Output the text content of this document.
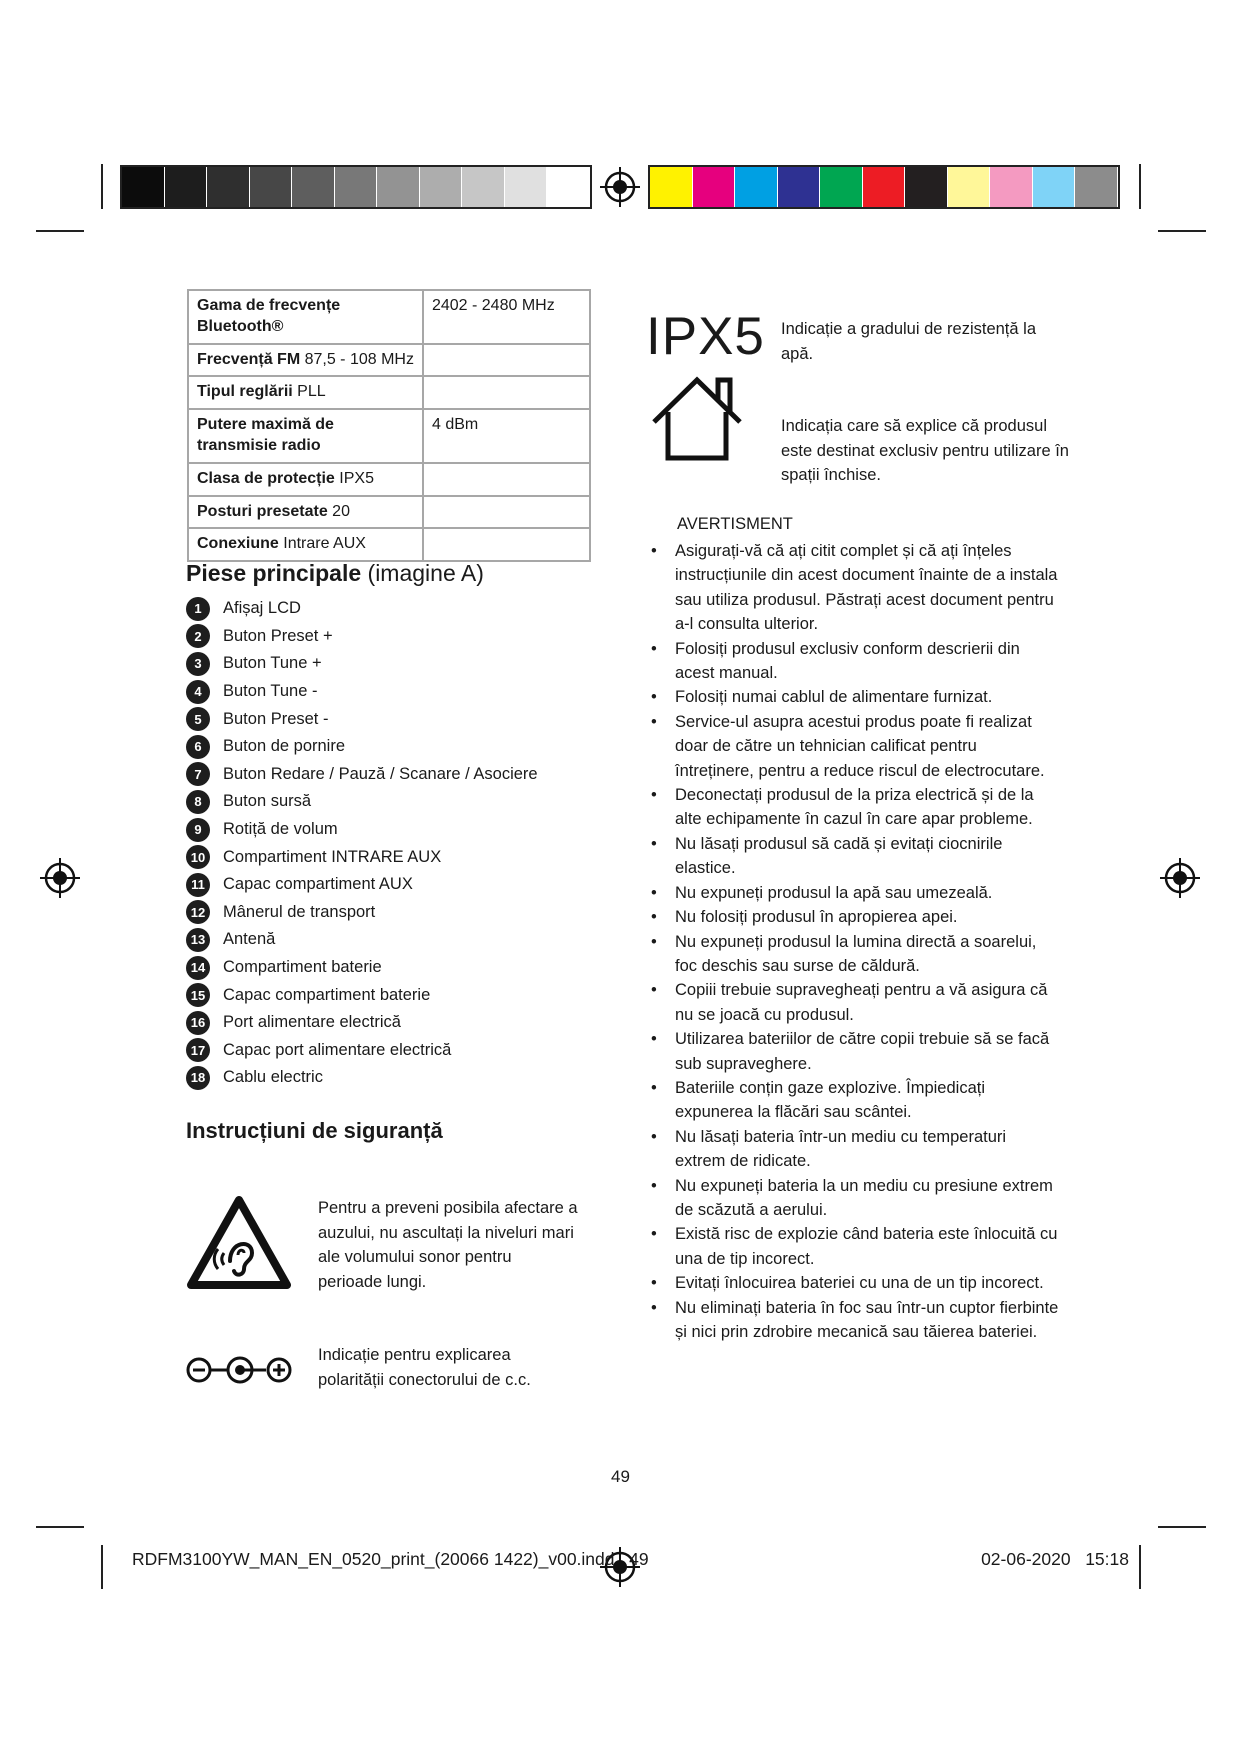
Gama de frecvențe Bluetooth®	2402 - 2480 MHz
Frecvență FM 87,5 - 108 MHz	
Tipul reglării PLL	
Putere maximă de transmisie radio	4 dBm
Clasa de protecție IPX5	
Posturi presetate 20	
Conexiune Intrare AUX	
Piese principale (imagine A)
1	Afișaj LCD
2	Buton Preset +
3	Buton Tune +
4	Buton Tune -
5	Buton Preset -
6	Buton de pornire
7	Buton Redare / Pauză / Scanare / Asociere
8	Buton sursă
9	Rotiță de volum
10 Compartiment INTRARE AUX
11	Capac compartiment AUX
12 Mânerul de transport
13 Antenă
14 Compartiment baterie
15 Capac compartiment baterie
16 Port alimentare electrică
17 Capac port alimentare electrică
18 Cablu electric
Instrucțiuni de siguranță
Pentru a preveni posibila afectare a auzului, nu ascultați la niveluri mari ale volumului sonor pentru perioade lungi.
Indicație pentru explicarea polarității conectorului de c.c.
IPX5 Indicație a gradului de rezistență la apă.
Indicația care să explice că produsul este destinat exclusiv pentru utilizare în spații închise.
AVERTISMENT
• Asigurați-vă că ați citit complet și că ați înțeles instrucțiunile din acest document înainte de a instala sau utiliza produsul. Păstrați acest document pentru a-l consulta ulterior.
• Folosiți produsul exclusiv conform descrierii din acest manual.
• Folosiți numai cablul de alimentare furnizat.
• Service-ul asupra acestui produs poate fi realizat doar de către un tehnician calificat pentru întreținere, pentru a reduce riscul de electrocutare.
• Deconectați produsul de la priza electrică și de la alte echipamente în cazul în care apar probleme.
• Nu lăsați produsul să cadă și evitați ciocnirile elastice.
• Nu expuneți produsul la apă sau umezeală.
• Nu folosiți produsul în apropierea apei.
• Nu expuneți produsul la lumina directă a soarelui, foc deschis sau surse de căldură.
• Copiii trebuie supravegheați pentru a vă asigura că nu se joacă cu produsul.
• Utilizarea bateriilor de către copii trebuie să se facă sub supraveghere.
• Bateriile conțin gaze explozive. Împiedicați expunerea la flăcări sau scântei.
• Nu lăsați bateria într-un mediu cu temperaturi extrem de ridicate.
• Nu expuneți bateria la un mediu cu presiune extrem de scăzută a aerului.
• Există risc de explozie când bateria este înlocuită cu una de tip incorect.
• Evitați înlocuirea bateriei cu una de un tip incorect.
• Nu eliminați bateria în foc sau într-un cuptor fierbinte și nici prin zdrobire mecanică sau tăierea bateriei.
49
RDFM3100YW_MAN_EN_0520_print_(20066 1422)_v00.indd 49	02-06-2020 15:18
